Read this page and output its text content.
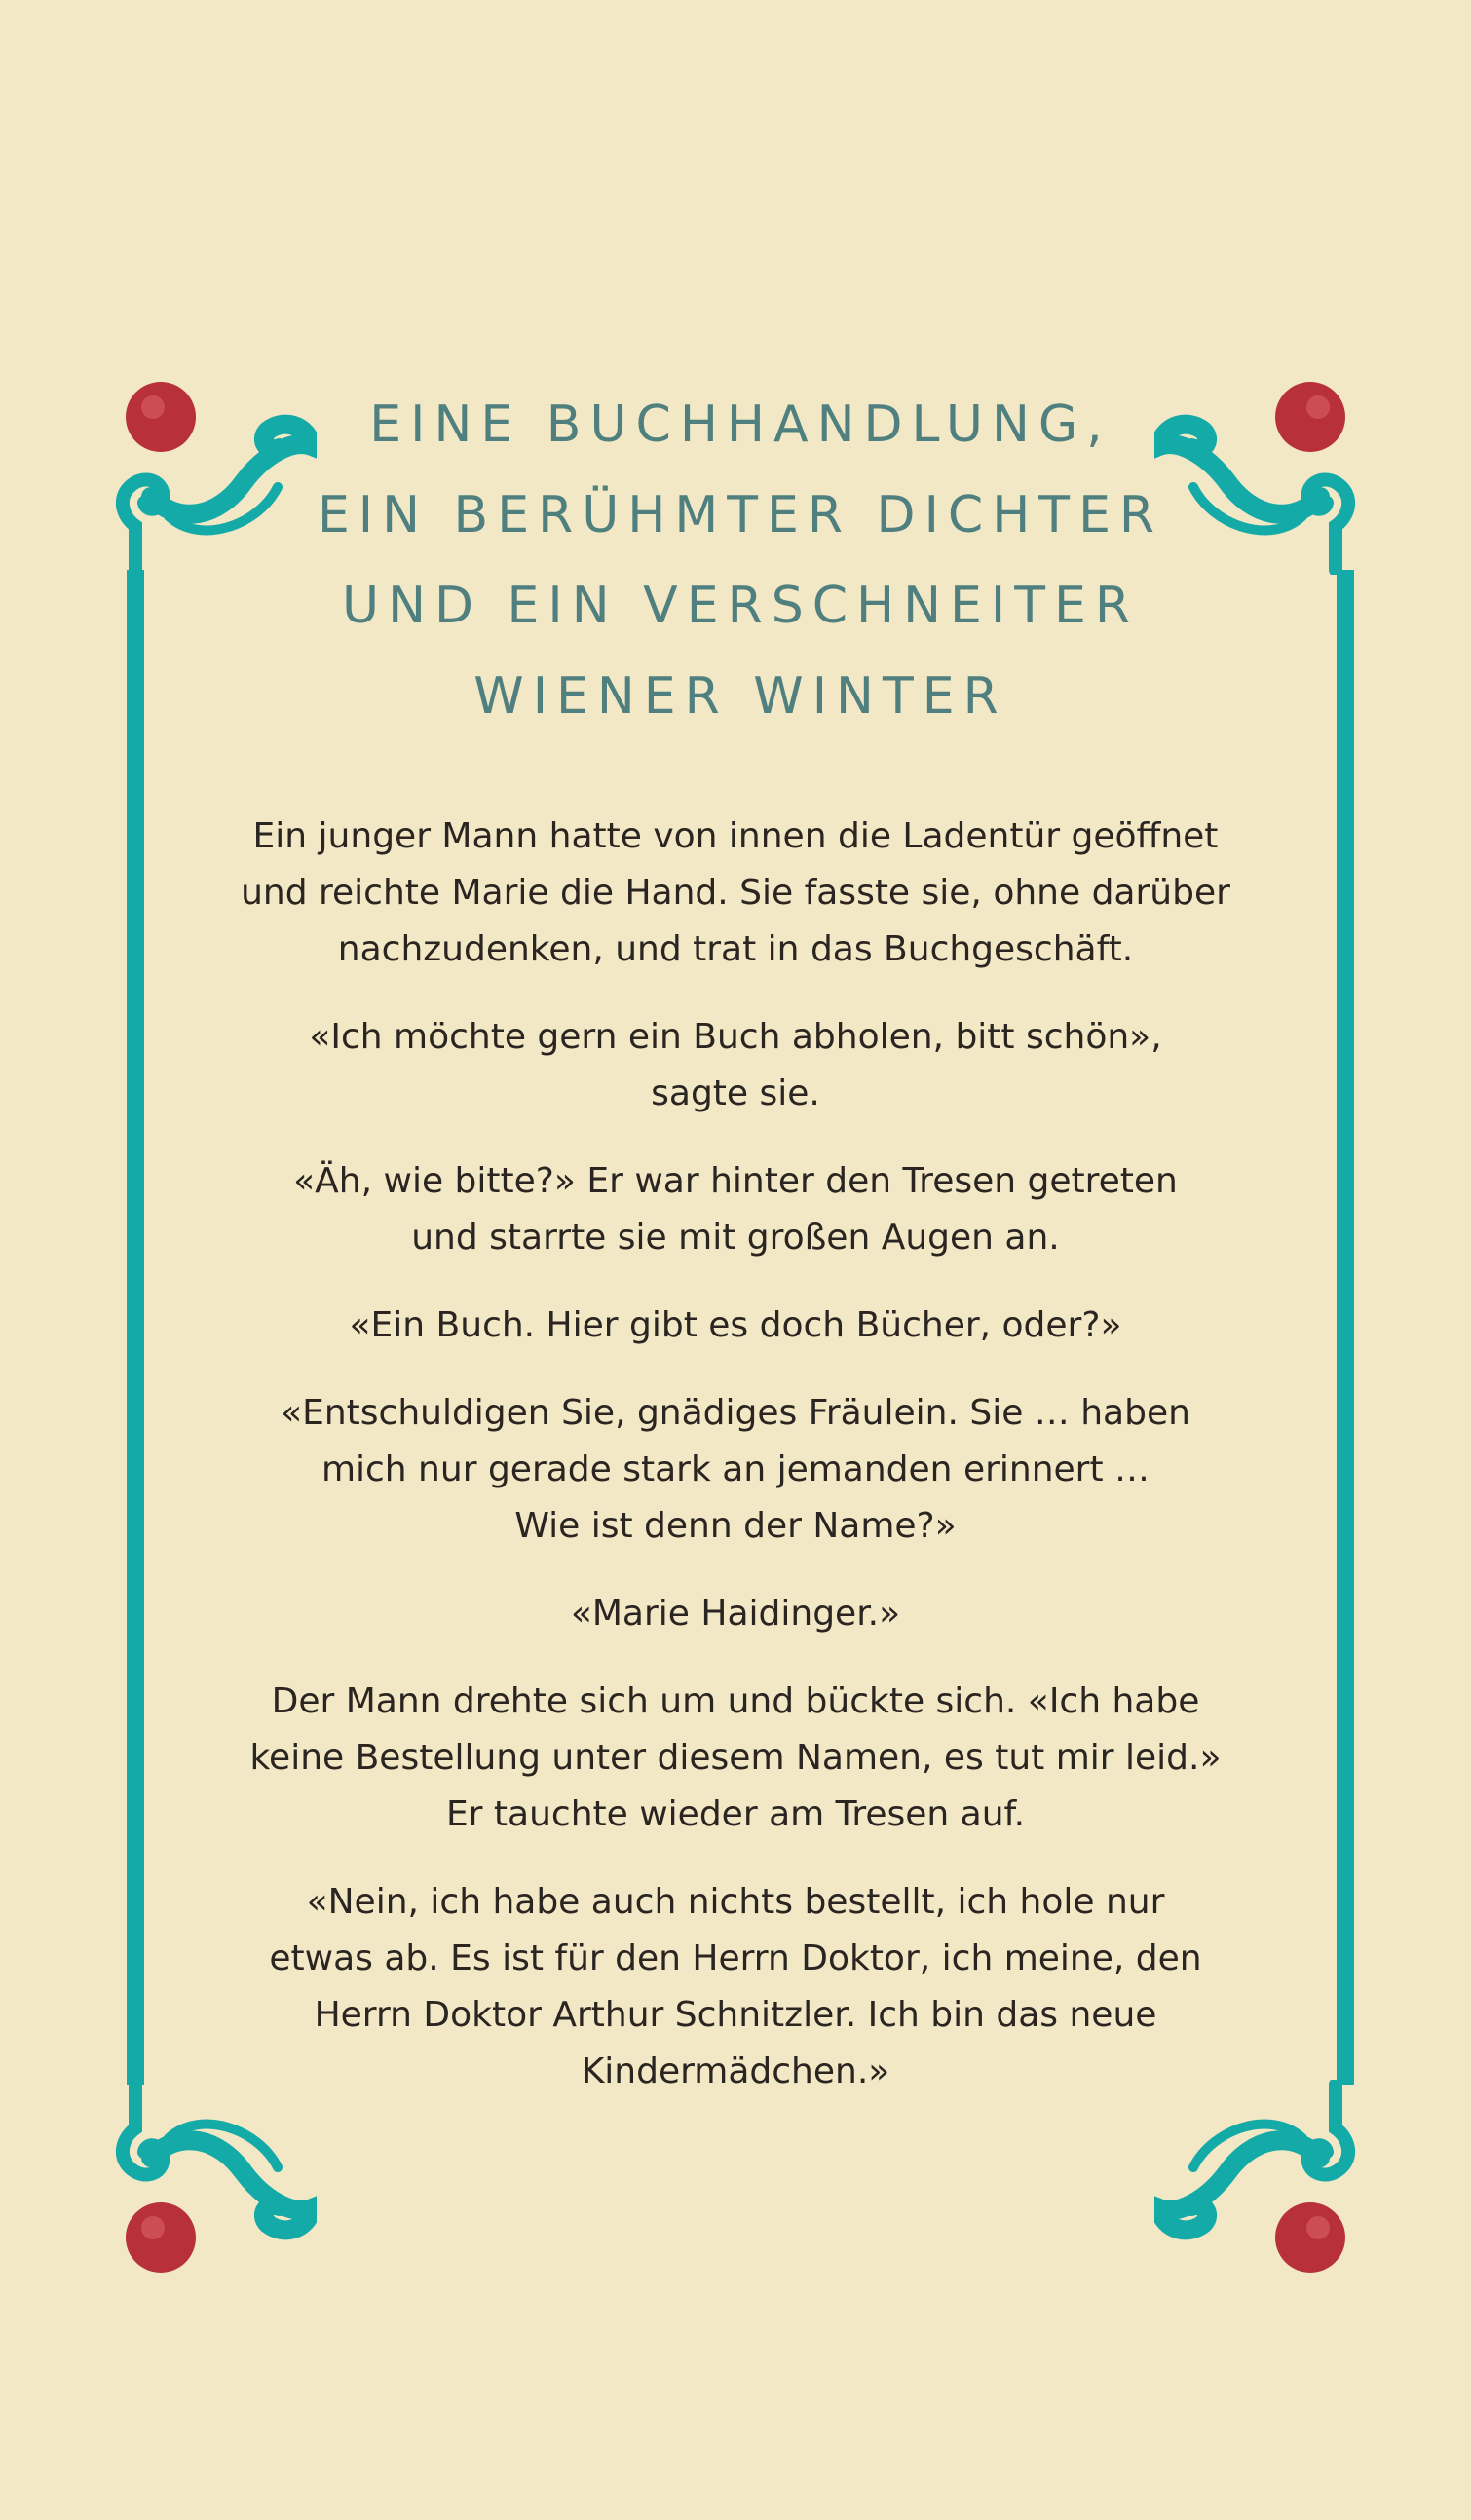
EINE BUCHHANDLUNG,
EIN BERÜHMTER DICHTER
UND EIN VERSCHNEITER
WIENER WINTER
Ein junger Mann hatte von innen die Ladentür geöffnet
und reichte Marie die Hand. Sie fasste sie, ohne darüber
nachzudenken, und trat in das Buchgeschäft.
«Ich möchte gern ein Buch abholen, bitt schön»,
sagte sie.
«Äh, wie bitte?» Er war hinter den Tresen getreten
und starrte sie mit großen Augen an.
«Ein Buch. Hier gibt es doch Bücher, oder?»
«Entschuldigen Sie, gnädiges Fräulein. Sie … haben
mich nur gerade stark an jemanden erinnert …
Wie ist denn der Name?»
«Marie Haidinger.»
Der Mann drehte sich um und bückte sich. «Ich habe
keine Bestellung unter diesem Namen, es tut mir leid.»
Er tauchte wieder am Tresen auf.
«Nein, ich habe auch nichts bestellt, ich hole nur
etwas ab. Es ist für den Herrn Doktor, ich meine, den
Herrn Doktor Arthur Schnitzler. Ich bin das neue
Kindermädchen.»
